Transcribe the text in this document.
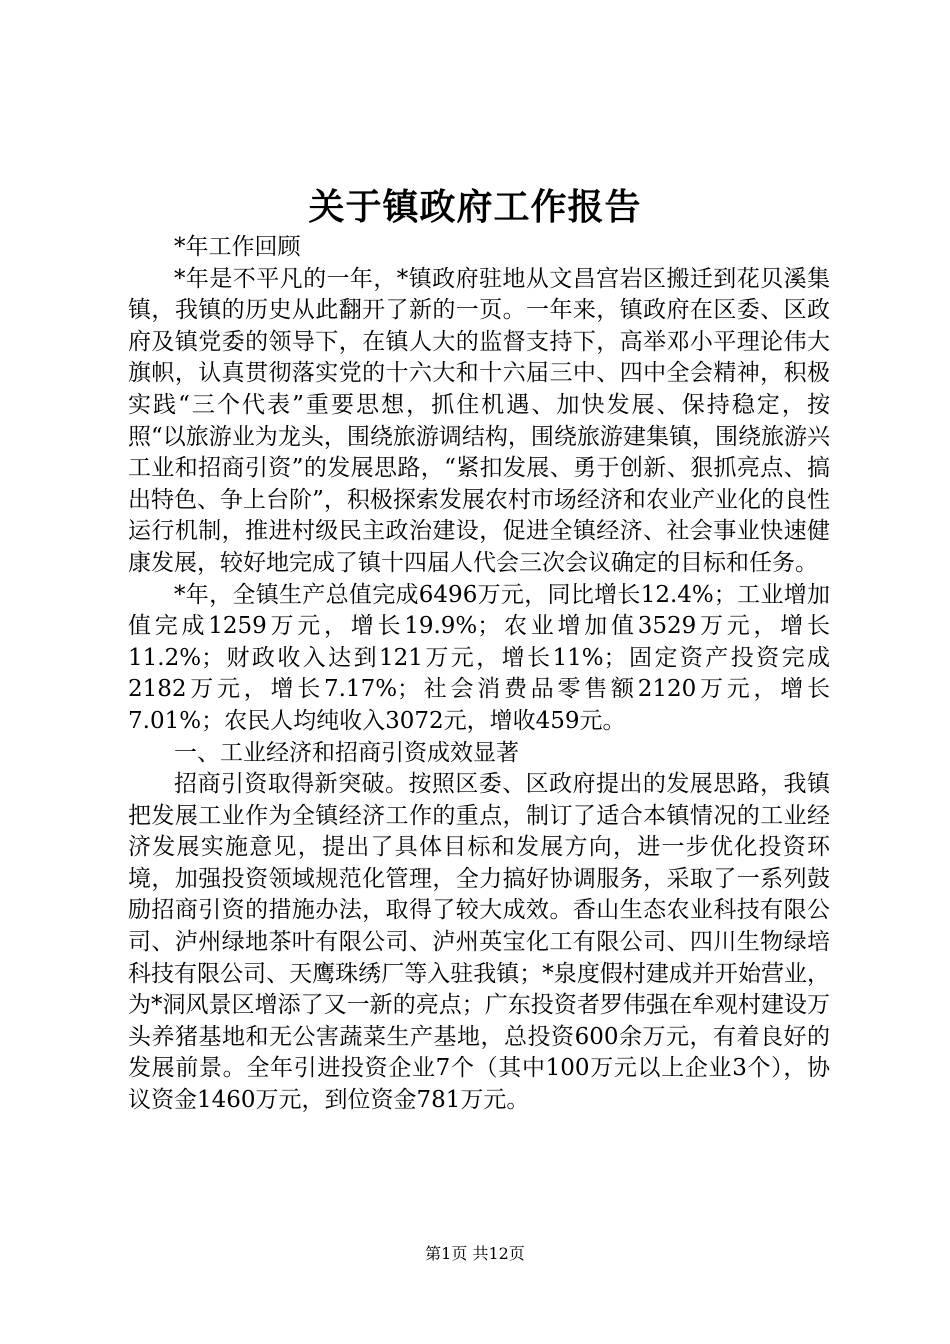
关于镇政府工作报告

*年工作回顾

*年是不平凡的一年，*镇政府驻地从文昌宫岩区搬迁到花贝溪集镇，我镇的历史从此翻开了新的一页。一年来，镇政府在区委、区政府及镇党委的领导下，在镇人大的监督支持下，高举邓小平理论伟大旗帜，认真贯彻落实党的十六大和十六届三中、四中全会精神，积极实践“三个代表”重要思想，抓住机遇、加快发展、保持稳定，按照“以旅游业为龙头，围绕旅游调结构，围绕旅游建集镇，围绕旅游兴工业和招商引资”的发展思路，“紧扣发展、勇于创新、狠抓亮点、搞出特色、争上台阶”，积极探索发展农村市场经济和农业产业化的良性运行机制，推进村级民主政治建设，促进全镇经济、社会事业快速健康发展，较好地完成了镇十四届人代会三次会议确定的目标和任务。

*年，全镇生产总值完成6496万元，同比增长12.4%；工业增加值完成1259万元，增长19.9%；农业增加值3529万元，增长11.2%；财政收入达到121万元，增长11%；固定资产投资完成2182万元，增长7.17%；社会消费品零售额2120万元，增长7.01%；农民人均纯收入3072元，增收459元。

一、工业经济和招商引资成效显著

招商引资取得新突破。按照区委、区政府提出的发展思路，我镇把发展工业作为全镇经济工作的重点，制订了适合本镇情况的工业经济发展实施意见，提出了具体目标和发展方向，进一步优化投资环境，加强投资领域规范化管理，全力搞好协调服务，采取了一系列鼓励招商引资的措施办法，取得了较大成效。香山生态农业科技有限公司、泸州绿地茶叶有限公司、泸州英宝化工有限公司、四川生物绿培科技有限公司、天鹰珠绣厂等入驻我镇；*泉度假村建成并开始营业，为*洞风景区增添了又一新的亮点；广东投资者罗伟强在牟观村建设万头养猪基地和无公害蔬菜生产基地，总投资600余万元，有着良好的发展前景。全年引进投资企业7个（其中100万元以上企业3个），协议资金1460万元，到位资金781万元。

第1页 共12页
